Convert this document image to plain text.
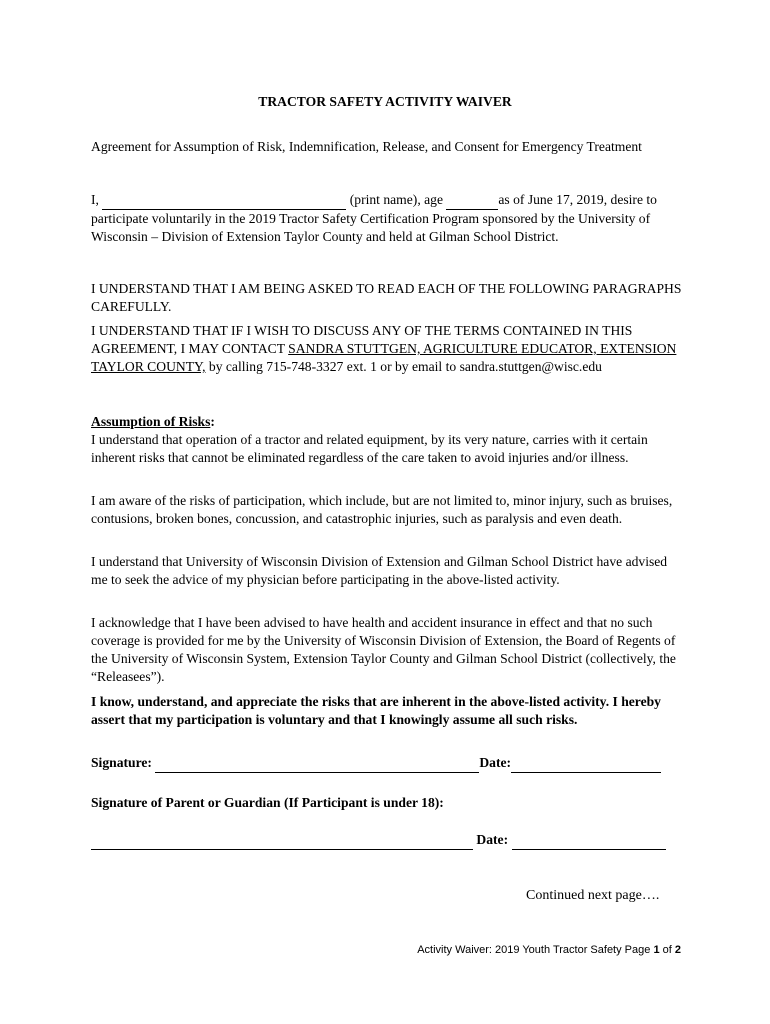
TRACTOR SAFETY ACTIVITY WAIVER

Agreement for Assumption of Risk, Indemnification, Release, and Consent for Emergency Treatment

I,	(print name), age	as of June 17, 2019, desire to participate voluntarily in the 2019 Tractor Safety Certification Program sponsored by the University of Wisconsin – Division of Extension Taylor County and held at Gilman School District.

I UNDERSTAND THAT I AM BEING ASKED TO READ EACH OF THE FOLLOWING PARAGRAPHS CAREFULLY.

I UNDERSTAND THAT IF I WISH TO DISCUSS ANY OF THE TERMS CONTAINED IN THIS AGREEMENT, I MAY CONTACT SANDRA STUTTGEN, AGRICULTURE EDUCATOR, EXTENSION TAYLOR COUNTY, by calling 715-748-3327 ext. 1 or by email to sandra.stuttgen@wisc.edu

Assumption of Risks:

I understand that operation of a tractor and related equipment, by its very nature, carries with it certain inherent risks that cannot be eliminated regardless of the care taken to avoid injuries and/or illness.

I am aware of the risks of participation, which include, but are not limited to, minor injury, such as bruises, contusions, broken bones, concussion, and catastrophic injuries, such as paralysis and even death.

I understand that University of Wisconsin Division of Extension and Gilman School District have advised me to seek the advice of my physician before participating in the above-listed activity.

I acknowledge that I have been advised to have health and accident insurance in effect and that no such coverage is provided for me by the University of Wisconsin Division of Extension, the Board of Regents of the University of Wisconsin System, Extension Taylor County and Gilman School District (collectively, the “Releasees”).

I know, understand, and appreciate the risks that are inherent in the above-listed activity. I hereby assert that my participation is voluntary and that I knowingly assume all such risks.

Signature:	Date:

Signature of Parent or Guardian (If Participant is under 18):

Date:

Continued next page….
Activity Waiver: 2019 Youth Tractor Safety Page 1 of 2
